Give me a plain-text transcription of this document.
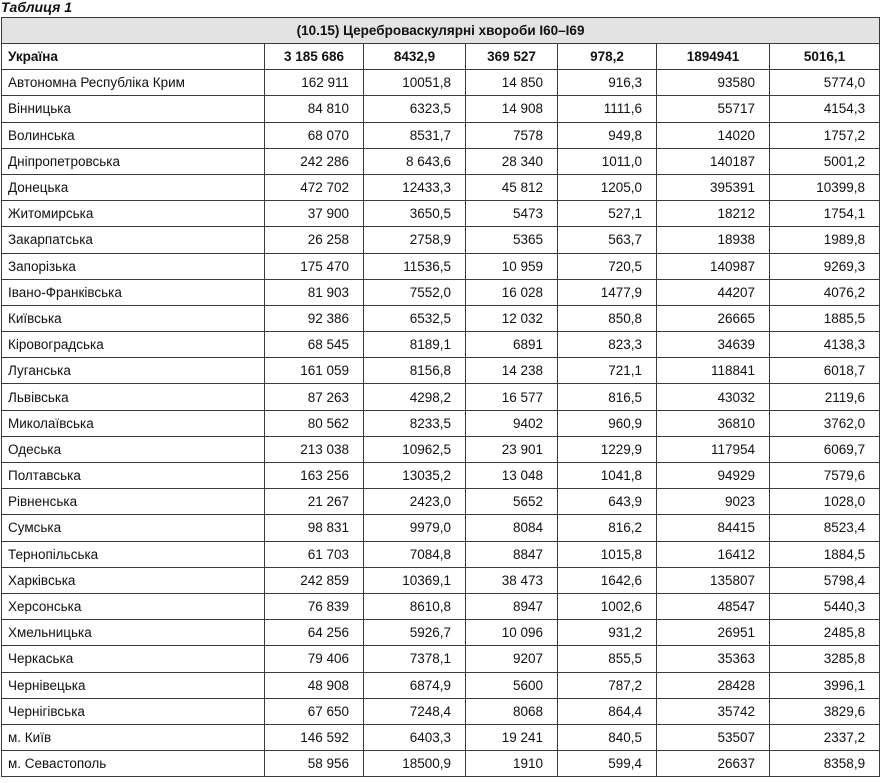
Таблиця 1
(10.15) Цереброваскулярні хвороби І60–І69						
Україна	3 185 686	8432,9	369 527	978,2	1894941	5016,1
Автономна Республіка Крим	162 911	10051,8	14 850	916,3	93580	5774,0
Вінницька	84 810	6323,5	14 908	1111,6	55717	4154,3
Волинська	68 070	8531,7	7578	949,8	14020	1757,2
Дніпропетровська	242 286	8 643,6	28 340	1011,0	140187	5001,2
Донецька	472 702	12433,3	45 812	1205,0	395391	10399,8
Житомирська	37 900	3650,5	5473	527,1	18212	1754,1
Закарпатська	26 258	2758,9	5365	563,7	18938	1989,8
Запорізька	175 470	11536,5	10 959	720,5	140987	9269,3
Івано-Франківська	81 903	7552,0	16 028	1477,9	44207	4076,2
Київська	92 386	6532,5	12 032	850,8	26665	1885,5
Кіровоградська	68 545	8189,1	6891	823,3	34639	4138,3
Луганська	161 059	8156,8	14 238	721,1	118841	6018,7
Львівська	87 263	4298,2	16 577	816,5	43032	2119,6
Миколаївська	80 562	8233,5	9402	960,9	36810	3762,0
Одеська	213 038	10962,5	23 901	1229,9	117954	6069,7
Полтавська	163 256	13035,2	13 048	1041,8	94929	7579,6
Рівненська	21 267	2423,0	5652	643,9	9023	1028,0
Сумська	98 831	9979,0	8084	816,2	84415	8523,4
Тернопільська	61 703	7084,8	8847	1015,8	16412	1884,5
Харківська	242 859	10369,1	38 473	1642,6	135807	5798,4
Херсонська	76 839	8610,8	8947	1002,6	48547	5440,3
Хмельницька	64 256	5926,7	10 096	931,2	26951	2485,8
Черкаська	79 406	7378,1	9207	855,5	35363	3285,8
Чернівецька	48 908	6874,9	5600	787,2	28428	3996,1
Чернігівська	67 650	7248,4	8068	864,4	35742	3829,6
м. Київ	146 592	6403,3	19 241	840,5	53507	2337,2
м. Севастополь	58 956	18500,9	1910	599,4	26637	8358,9
